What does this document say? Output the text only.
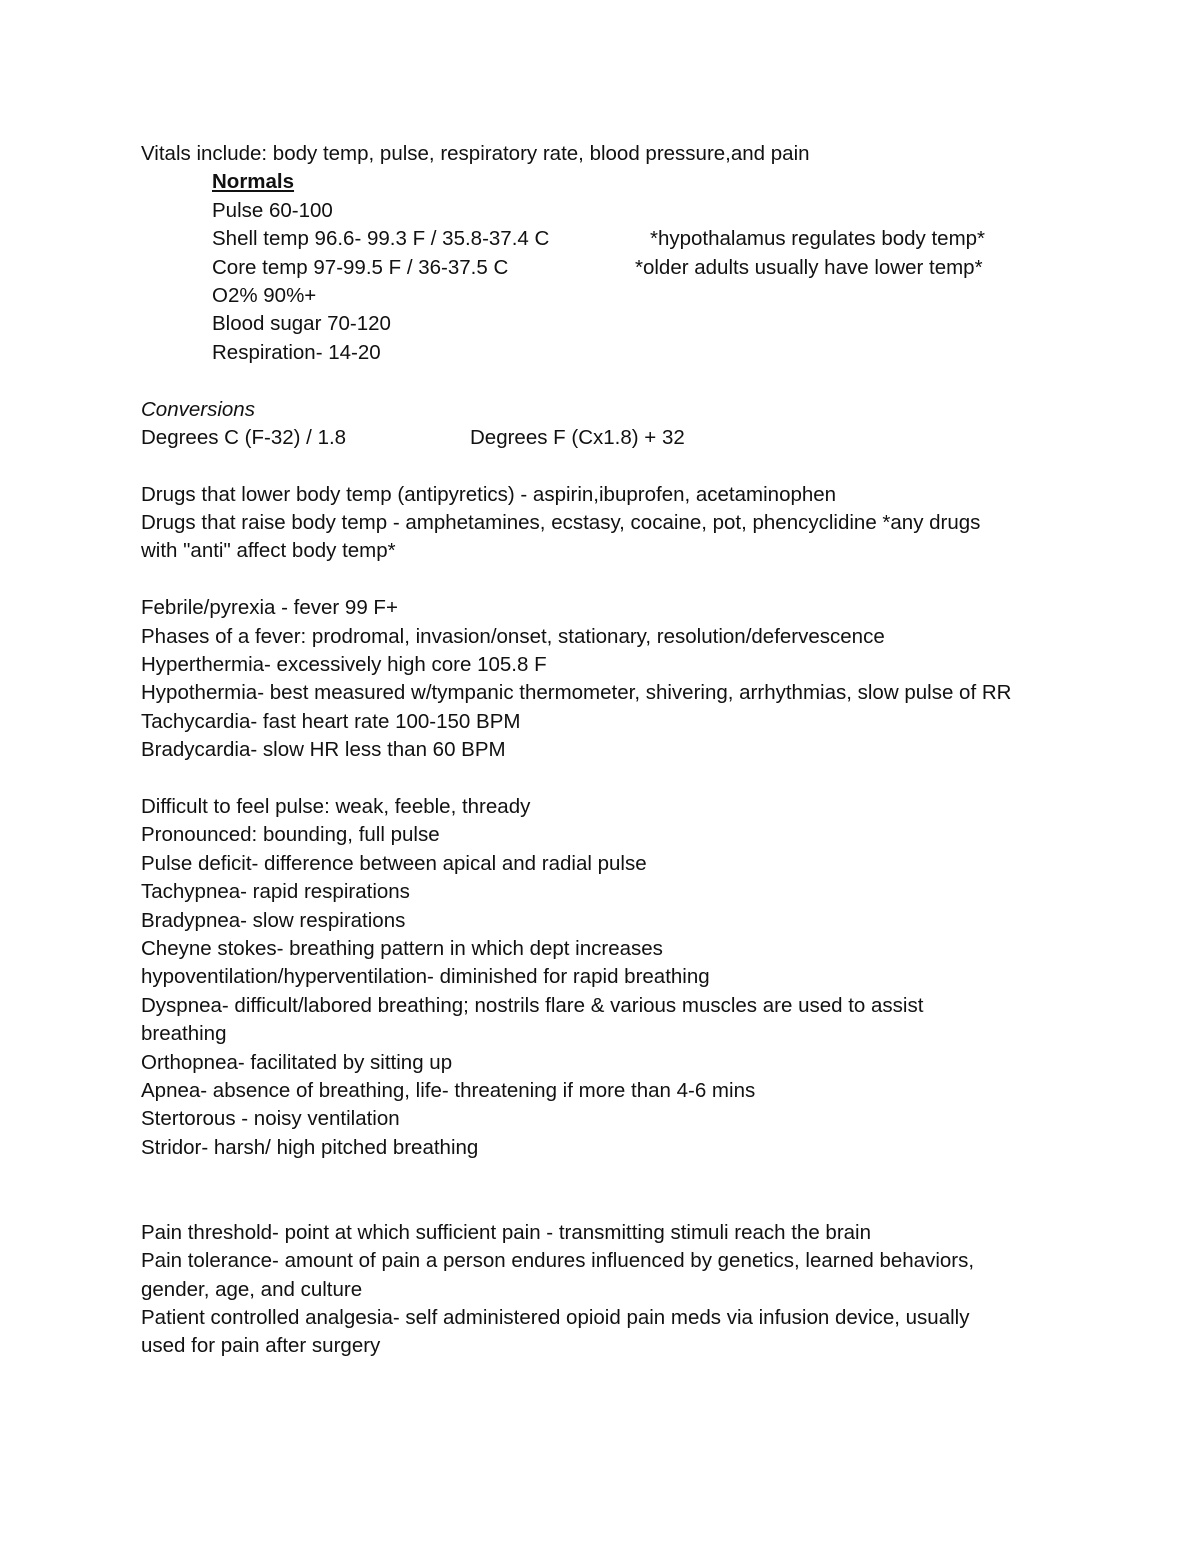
Vitals include: body temp, pulse, respiratory rate, blood pressure,and pain
Normals
Pulse 60-100
Shell temp 96.6- 99.3 F / 35.8-37.4 C	*hypothalamus regulates body temp*
Core temp 97-99.5 F / 36-37.5 C	*older adults usually have lower temp*
O2% 90%+
Blood sugar 70-120
Respiration- 14-20
Conversions
Degrees C (F-32) / 1.8	Degrees F (Cx1.8) + 32
Drugs that lower body temp (antipyretics) - aspirin,ibuprofen, acetaminophen
Drugs that raise body temp - amphetamines, ecstasy, cocaine, pot, phencyclidine *any drugs
with "anti" affect body temp*
Febrile/pyrexia - fever 99 F+
Phases of a fever: prodromal, invasion/onset, stationary, resolution/defervescence
Hyperthermia- excessively high core 105.8 F
Hypothermia- best measured w/tympanic thermometer, shivering, arrhythmias, slow pulse of RR
Tachycardia- fast heart rate 100-150 BPM
Bradycardia- slow HR less than 60 BPM
Difficult to feel pulse: weak, feeble, thready
Pronounced: bounding, full pulse
Pulse deficit- difference between apical and radial pulse
Tachypnea- rapid respirations
Bradypnea- slow respirations
Cheyne stokes- breathing pattern in which dept increases
hypoventilation/hyperventilation- diminished for rapid breathing
Dyspnea- difficult/labored breathing; nostrils flare & various muscles are used to assist
breathing
Orthopnea- facilitated by sitting up
Apnea- absence of breathing, life- threatening if more than 4-6 mins
Stertorous - noisy ventilation
Stridor- harsh/ high pitched breathing
Pain threshold- point at which sufficient pain - transmitting stimuli reach the brain
Pain tolerance- amount of pain a person endures influenced by genetics, learned behaviors,
gender, age, and culture
Patient controlled analgesia- self administered opioid pain meds via infusion device, usually
used for pain after surgery
